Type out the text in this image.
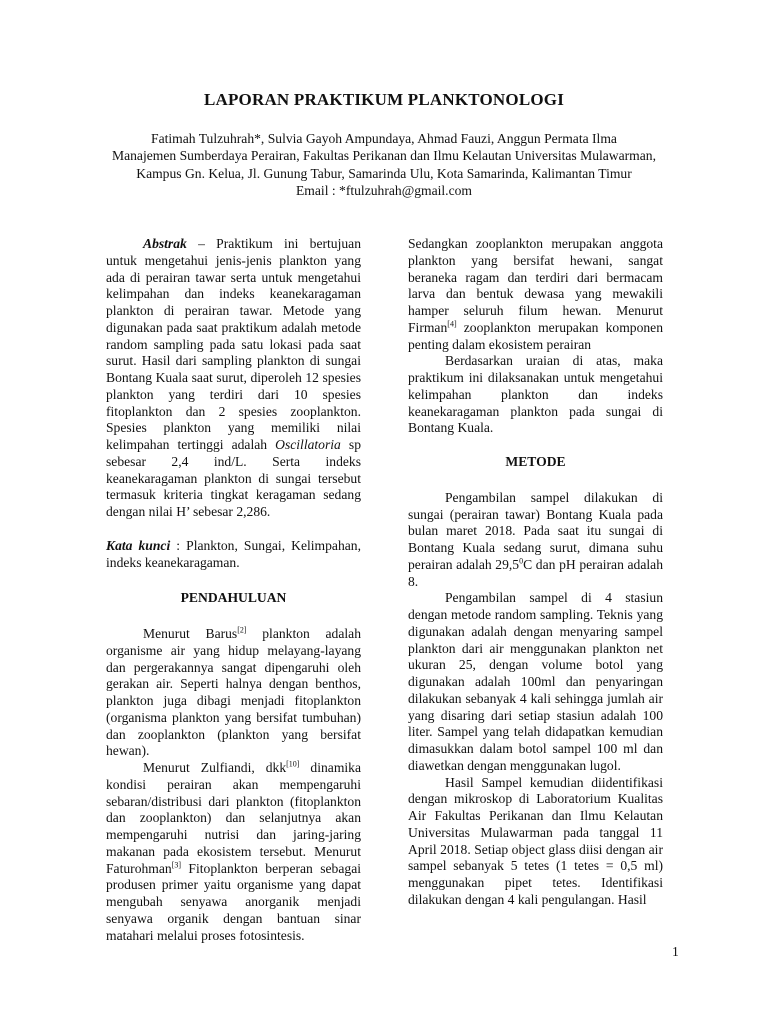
LAPORAN PRAKTIKUM PLANKTONOLOGI
Fatimah Tulzuhrah*, Sulvia Gayoh Ampundaya, Ahmad Fauzi, Anggun Permata Ilma
Manajemen Sumberdaya Perairan, Fakultas Perikanan dan Ilmu Kelautan Universitas Mulawarman,
Kampus Gn. Kelua, Jl. Gunung Tabur, Samarinda Ulu, Kota Samarinda, Kalimantan Timur
Email : *ftulzuhrah@gmail.com

Abstrak – Praktikum ini bertujuan untuk mengetahui jenis-jenis plankton yang ada di perairan tawar serta untuk mengetahui kelimpahan dan indeks keanekaragaman plankton di perairan tawar. Metode yang digunakan pada saat praktikum adalah metode random sampling pada satu lokasi pada saat surut. Hasil dari sampling plankton di sungai Bontang Kuala saat surut, diperoleh 12 spesies plankton yang terdiri dari 10 spesies fitoplankton dan 2 spesies zooplankton. Spesies plankton yang memiliki nilai kelimpahan tertinggi adalah Oscillatoria sp sebesar 2,4 ind/L. Serta indeks keanekaragaman plankton di sungai tersebut termasuk kriteria tingkat keragaman sedang dengan nilai H’ sebesar 2,286.

Kata kunci : Plankton, Sungai, Kelimpahan, indeks keanekaragaman.

PENDAHULUAN

Menurut Barus[2] plankton adalah organisme air yang hidup melayang-layang dan pergerakannya sangat dipengaruhi oleh gerakan air. Seperti halnya dengan benthos, plankton juga dibagi menjadi fitoplankton (organisma plankton yang bersifat tumbuhan) dan zooplankton (plankton yang bersifat hewan).

Menurut Zulfiandi, dkk[10] dinamika kondisi perairan akan mempengaruhi sebaran/distribusi dari plankton (fitoplankton dan zooplankton) dan selanjutnya akan mempengaruhi nutrisi dan jaring-jaring makanan pada ekosistem tersebut. Menurut Faturohman[3] Fitoplankton berperan sebagai produsen primer yaitu organisme yang dapat mengubah senyawa anorganik menjadi senyawa organik dengan bantuan sinar matahari melalui proses fotosintesis.

Sedangkan zooplankton merupakan anggota plankton yang bersifat hewani, sangat beraneka ragam dan terdiri dari bermacam larva dan bentuk dewasa yang mewakili hamper seluruh filum hewan. Menurut Firman[4] zooplankton merupakan komponen penting dalam ekosistem perairan

Berdasarkan uraian di atas, maka praktikum ini dilaksanakan untuk mengetahui kelimpahan plankton dan indeks keanekaragaman plankton pada sungai di Bontang Kuala.

METODE

Pengambilan sampel dilakukan di sungai (perairan tawar) Bontang Kuala pada bulan maret 2018. Pada saat itu sungai di Bontang Kuala sedang surut, dimana suhu perairan adalah 29,5$^0$C dan pH perairan adalah 8.

Pengambilan sampel di 4 stasiun dengan metode random sampling. Teknis yang digunakan adalah dengan menyaring sampel plankton dari air menggunakan plankton net ukuran 25, dengan volume botol yang digunakan adalah 100ml dan penyaringan dilakukan sebanyak 4 kali sehingga jumlah air yang disaring dari setiap stasiun adalah 100 liter. Sampel yang telah didapatkan kemudian dimasukkan dalam botol sampel 100 ml dan diawetkan dengan menggunakan lugol.

Hasil Sampel kemudian diidentifikasi dengan mikroskop di Laboratorium Kualitas Air Fakultas Perikanan dan Ilmu Kelautan Universitas Mulawarman pada tanggal 11 April 2018. Setiap object glass diisi dengan air sampel sebanyak 5 tetes (1 tetes = 0,5 ml) menggunakan pipet tetes. Identifikasi dilakukan dengan 4 kali pengulangan. Hasil

1
